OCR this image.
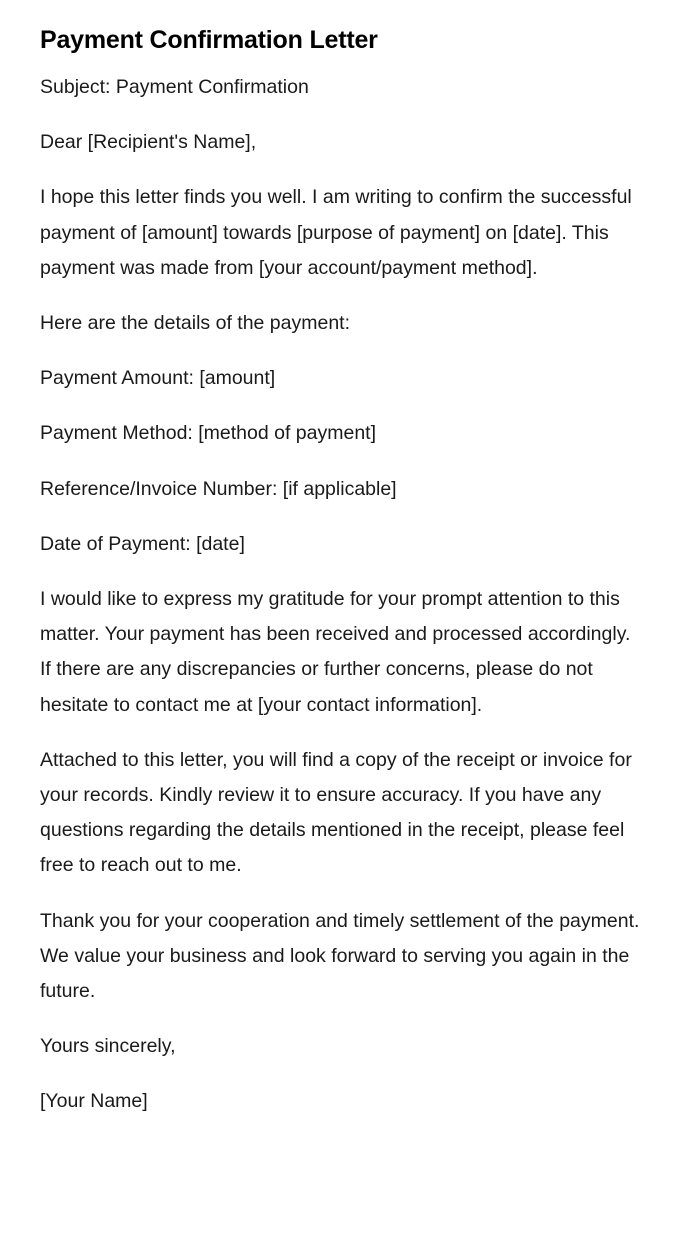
Payment Confirmation Letter

Subject: Payment Confirmation

Dear [Recipient's Name],

I hope this letter finds you well. I am writing to confirm the successful payment of [amount] towards [purpose of payment] on [date]. This payment was made from [your account/payment method].

Here are the details of the payment:

Payment Amount: [amount]

Payment Method: [method of payment]

Reference/Invoice Number: [if applicable]

Date of Payment: [date]

I would like to express my gratitude for your prompt attention to this matter. Your payment has been received and processed accordingly. If there are any discrepancies or further concerns, please do not hesitate to contact me at [your contact information].

Attached to this letter, you will find a copy of the receipt or invoice for your records. Kindly review it to ensure accuracy. If you have any questions regarding the details mentioned in the receipt, please feel free to reach out to me.

Thank you for your cooperation and timely settlement of the payment. We value your business and look forward to serving you again in the future.

Yours sincerely,

[Your Name]
